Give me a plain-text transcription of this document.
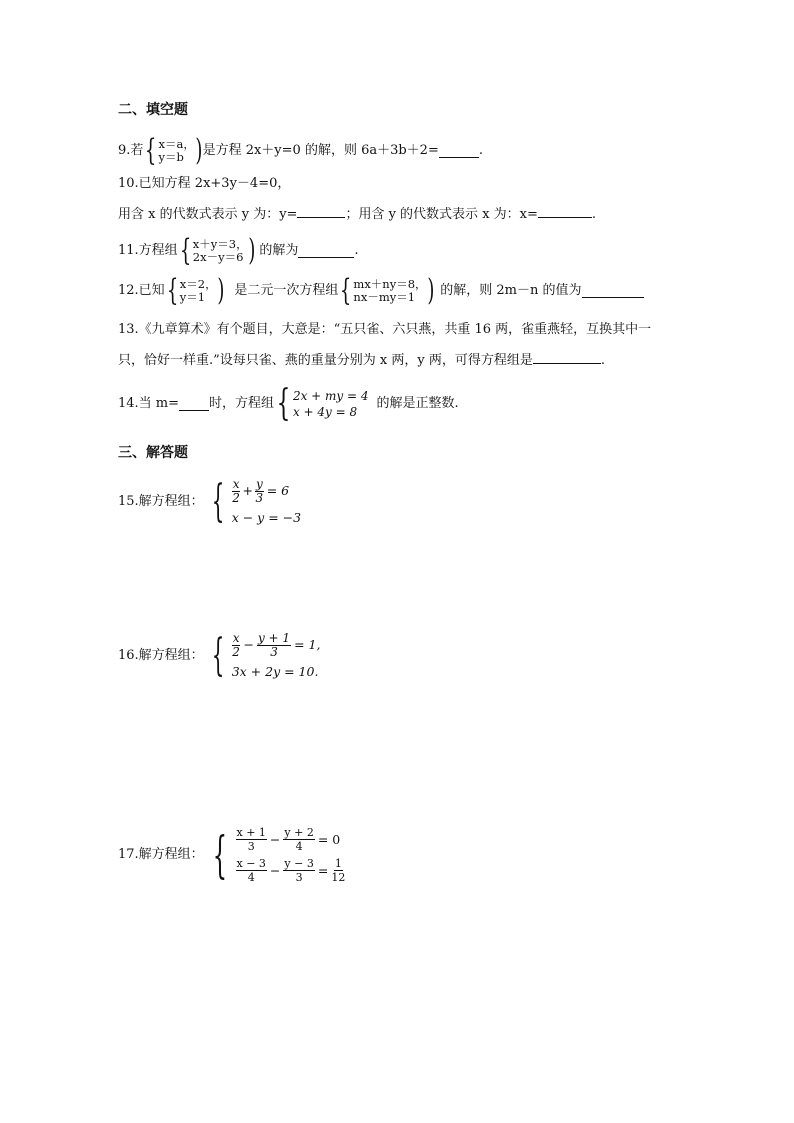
二、填空题
9.若 { x＝a，
y＝b ) 是方程 2x＋y=0 的解，则 6a＋3b＋2=	.
10.已知方程 2x+3y－4=0，
用含 x 的代数式表示 y 为：y=	；用含 y 的代数式表示 x 为：x=	.
11.方程组 { x＋y＝3，
2x－y＝6 ) 的解为	.
12.已知 { x＝2，
y＝1 ) 是二元一次方程组 { mx＋ny＝8，
nx－my＝1 ) 的解，则 2m－n 的值为
13.《九章算术》有个题目，大意是：“五只雀、六只燕，共重 16 两，雀重燕轻，互换其中一
只，恰好一样重.”设每只雀、燕的重量分别为 x 两，y 两，可得方程组是	.
14.当 m= 时，方程组 { 2x + my = 4
x + 4y = 8
的解是正整数.
三、解答题
15.解方程组： { $\frac{x}{2} + \frac{y}{3} = 6$
x − y = −3
16.解方程组： { $\frac{x}{2} - \frac{y + 1}{3} = 1$,
3x + 2y = 10.
17.解方程组： { $\frac{x + 1}{3} - \frac{y + 2}{4} = 0$
$\frac{x - 3}{4} - \frac{y - 3}{3} = \frac{1}{12}$
